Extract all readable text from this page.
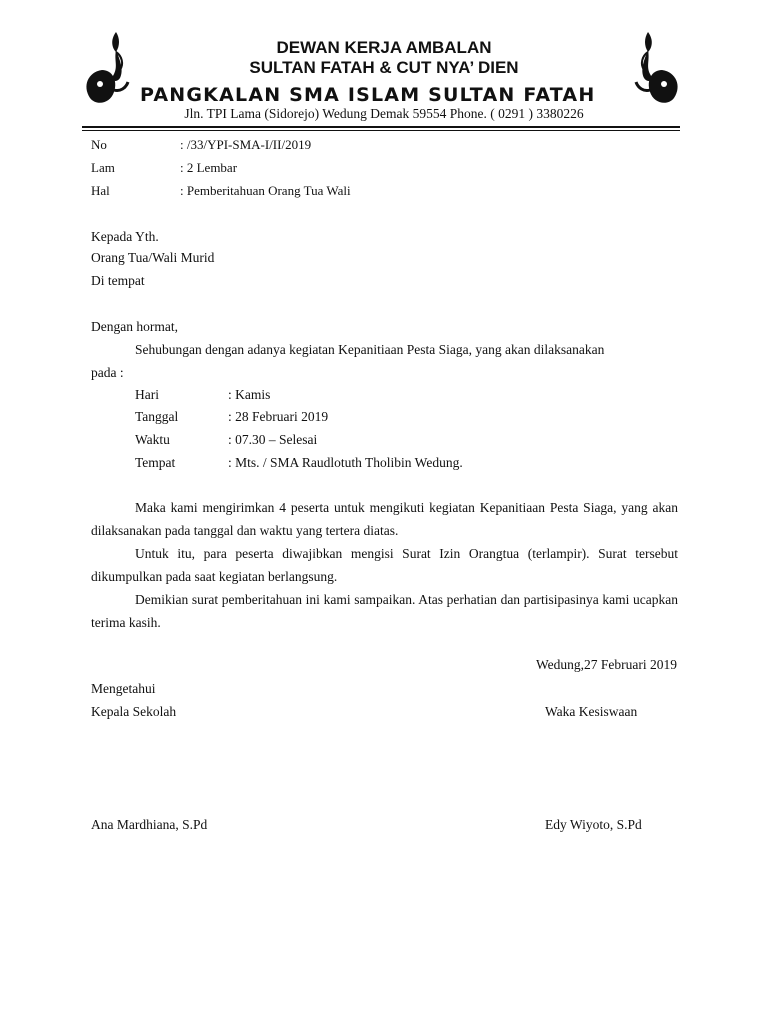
DEWAN KERJA AMBALAN
SULTAN FATAH & CUT NYA’ DIEN
PANGKALAN SMA ISLAM SULTAN FATAH
Jln. TPI Lama (Sidorejo) Wedung Demak 59554 Phone. ( 0291 ) 3380226
No	: /33/YPI-SMA-I/II/2019
Lam	: 2 Lembar
Hal	: Pemberitahuan Orang Tua Wali
Kepada Yth.
Orang Tua/Wali Murid
Di tempat
Dengan hormat,
Sehubungan dengan adanya kegiatan Kepanitiaan Pesta Siaga, yang akan dilaksanakan
pada :
Hari	: Kamis
Tanggal	: 28 Februari 2019
Waktu	: 07.30 – Selesai
Tempat	: Mts. / SMA Raudlotuth Tholibin Wedung.
Maka kami mengirimkan 4 peserta untuk mengikuti kegiatan Kepanitiaan Pesta Siaga, yang akan dilaksanakan pada tanggal dan waktu yang tertera diatas.
Untuk itu, para peserta diwajibkan mengisi Surat Izin Orangtua (terlampir). Surat tersebut dikumpulkan pada saat kegiatan berlangsung.
Demikian surat pemberitahuan ini kami sampaikan. Atas perhatian dan partisipasinya kami ucapkan terima kasih.
Wedung,27 Februari 2019
Mengetahui
Kepala Sekolah	Waka Kesiswaan
Ana Mardhiana, S.Pd	Edy Wiyoto, S.Pd
